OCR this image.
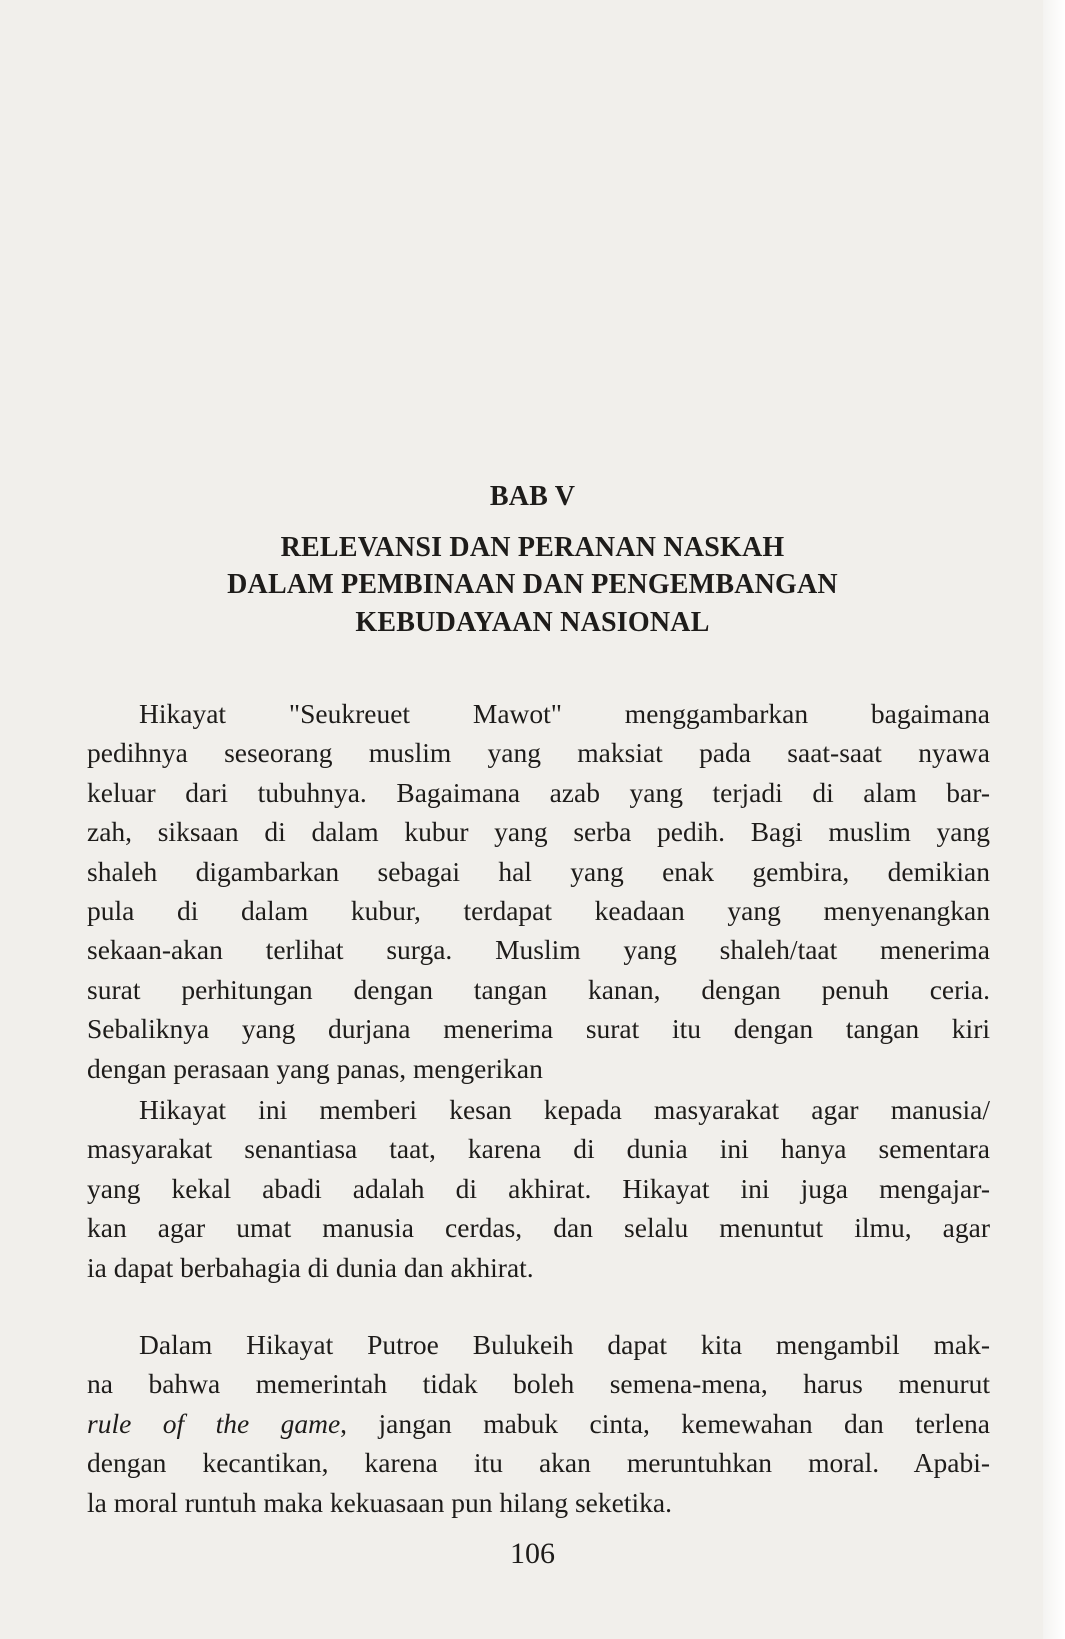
BAB V
RELEVANSI DAN PERANAN NASKAH
DALAM PEMBINAAN DAN PENGEMBANGAN
KEBUDAYAAN NASIONAL
Hikayat "Seukreuet Mawot" menggambarkan bagaimana
pedihnya seseorang muslim yang maksiat pada saat-saat nyawa
keluar dari tubuhnya. Bagaimana azab yang terjadi di alam bar-
zah, siksaan di dalam kubur yang serba pedih. Bagi muslim yang
shaleh digambarkan sebagai hal yang enak gembira, demikian
pula di dalam kubur, terdapat keadaan yang menyenangkan
sekaan-akan terlihat surga. Muslim yang shaleh/taat menerima
surat perhitungan dengan tangan kanan, dengan penuh ceria.
Sebaliknya yang durjana menerima surat itu dengan tangan kiri
dengan perasaan yang panas, mengerikan
Hikayat ini memberi kesan kepada masyarakat agar manusia/
masyarakat senantiasa taat, karena di dunia ini hanya sementara
yang kekal abadi adalah di akhirat. Hikayat ini juga mengajar-
kan agar umat manusia cerdas, dan selalu menuntut ilmu, agar
ia dapat berbahagia di dunia dan akhirat.
Dalam Hikayat Putroe Bulukeih dapat kita mengambil mak-
na bahwa memerintah tidak boleh semena-mena, harus menurut
rule of the game, jangan mabuk cinta, kemewahan dan terlena
dengan kecantikan, karena itu akan meruntuhkan moral. Apabi-
la moral runtuh maka kekuasaan pun hilang seketika.
106
